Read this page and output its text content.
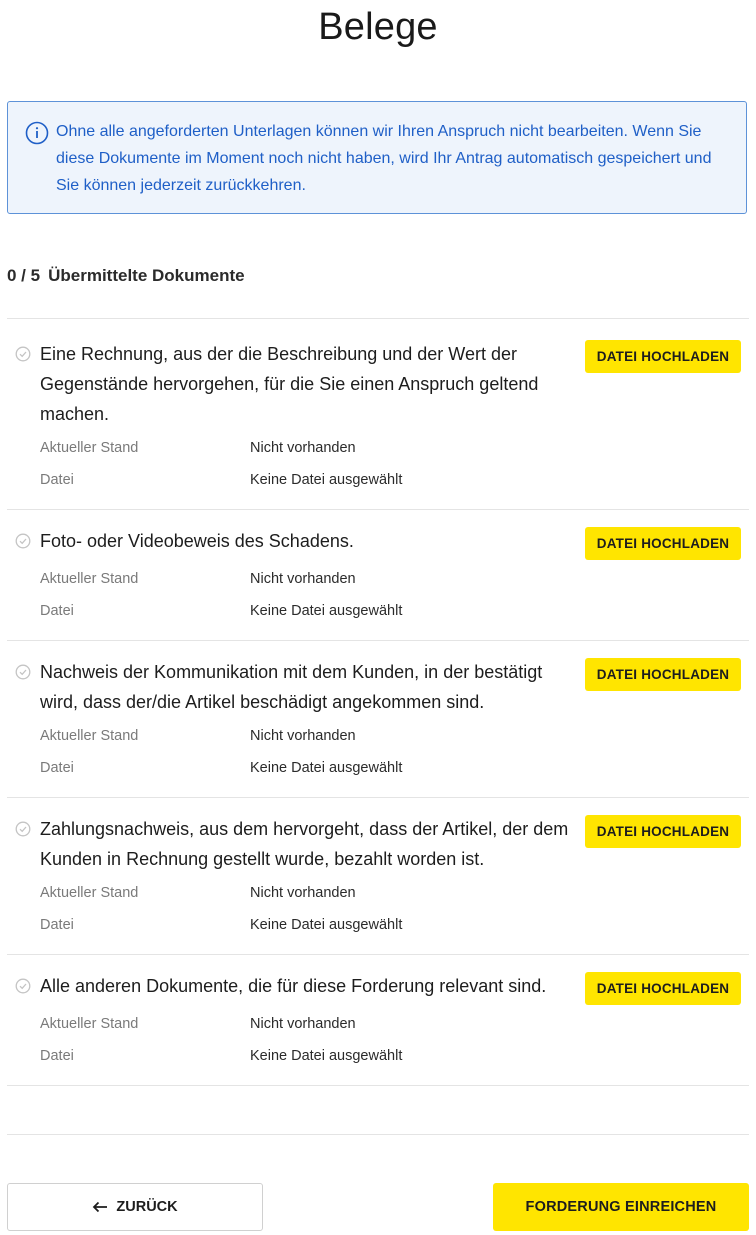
Belege
Ohne alle angeforderten Unterlagen können wir Ihren Anspruch nicht bearbeiten. Wenn Sie diese Dokumente im Moment noch nicht haben, wird Ihr Antrag automatisch gespeichert und Sie können jederzeit zurückkehren.
0 / 5 Übermittelte Dokumente
Eine Rechnung, aus der die Beschreibung und der Wert der Gegenstände hervorgehen, für die Sie einen Anspruch geltend machen.
DATEI HOCHLADEN
Aktueller Stand	Nicht vorhanden
Datei	Keine Datei ausgewählt
Foto- oder Videobeweis des Schadens.	DATEI HOCHLADEN
Aktueller Stand	Nicht vorhanden
Datei	Keine Datei ausgewählt
Nachweis der Kommunikation mit dem Kunden, in der bestätigt wird, dass der/die Artikel beschädigt angekommen sind.
DATEI HOCHLADEN
Aktueller Stand	Nicht vorhanden
Datei	Keine Datei ausgewählt
Zahlungsnachweis, aus dem hervorgeht, dass der Artikel, der dem Kunden in Rechnung gestellt wurde, bezahlt worden ist.
DATEI HOCHLADEN
Aktueller Stand	Nicht vorhanden
Datei	Keine Datei ausgewählt
Alle anderen Dokumente, die für diese Forderung relevant sind.	DATEI HOCHLADEN
Aktueller Stand	Nicht vorhanden
Datei	Keine Datei ausgewählt
ZURÜCK	FORDERUNG EINREICHEN
